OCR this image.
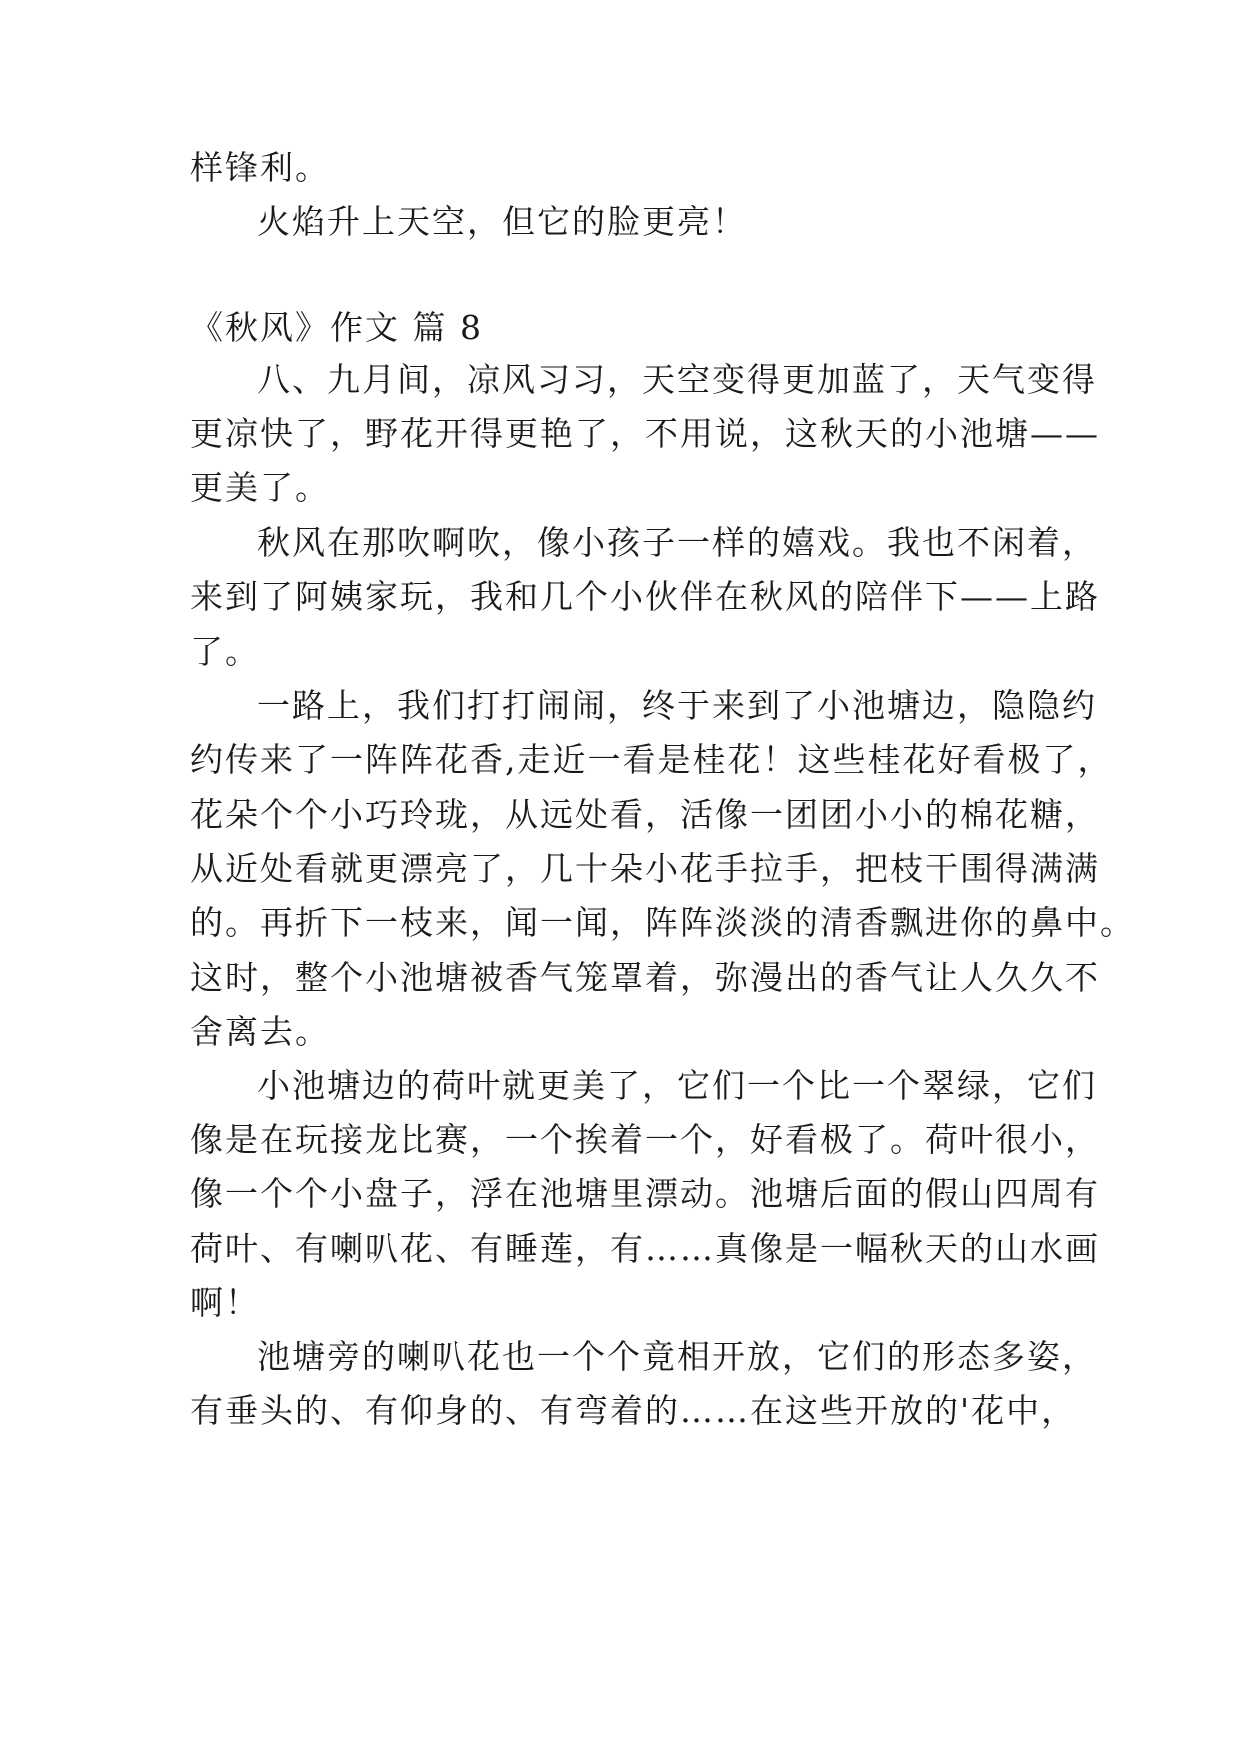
样锋利。
火焰升上天空，但它的脸更亮！
《秋风》作文 篇 8
八、九月间，凉风习习，天空变得更加蓝了，天气变得
更凉快了，野花开得更艳了，不用说，这秋天的小池塘——
更美了。
秋风在那吹啊吹，像小孩子一样的嬉戏。我也不闲着，
来到了阿姨家玩，我和几个小伙伴在秋风的陪伴下——上路
了。
一路上，我们打打闹闹，终于来到了小池塘边，隐隐约
约传来了一阵阵花香,走近一看是桂花！这些桂花好看极了，
花朵个个小巧玲珑，从远处看，活像一团团小小的棉花糖，
从近处看就更漂亮了，几十朵小花手拉手，把枝干围得满满
的。再折下一枝来，闻一闻，阵阵淡淡的清香飘进你的鼻中。
这时，整个小池塘被香气笼罩着，弥漫出的香气让人久久不
舍离去。
小池塘边的荷叶就更美了，它们一个比一个翠绿，它们
像是在玩接龙比赛，一个挨着一个，好看极了。荷叶很小，
像一个个小盘子，浮在池塘里漂动。池塘后面的假山四周有
荷叶、有喇叭花、有睡莲，有……真像是一幅秋天的山水画
啊！
池塘旁的喇叭花也一个个竟相开放，它们的形态多姿，
有垂头的、有仰身的、有弯着的……在这些开放的'花中，
